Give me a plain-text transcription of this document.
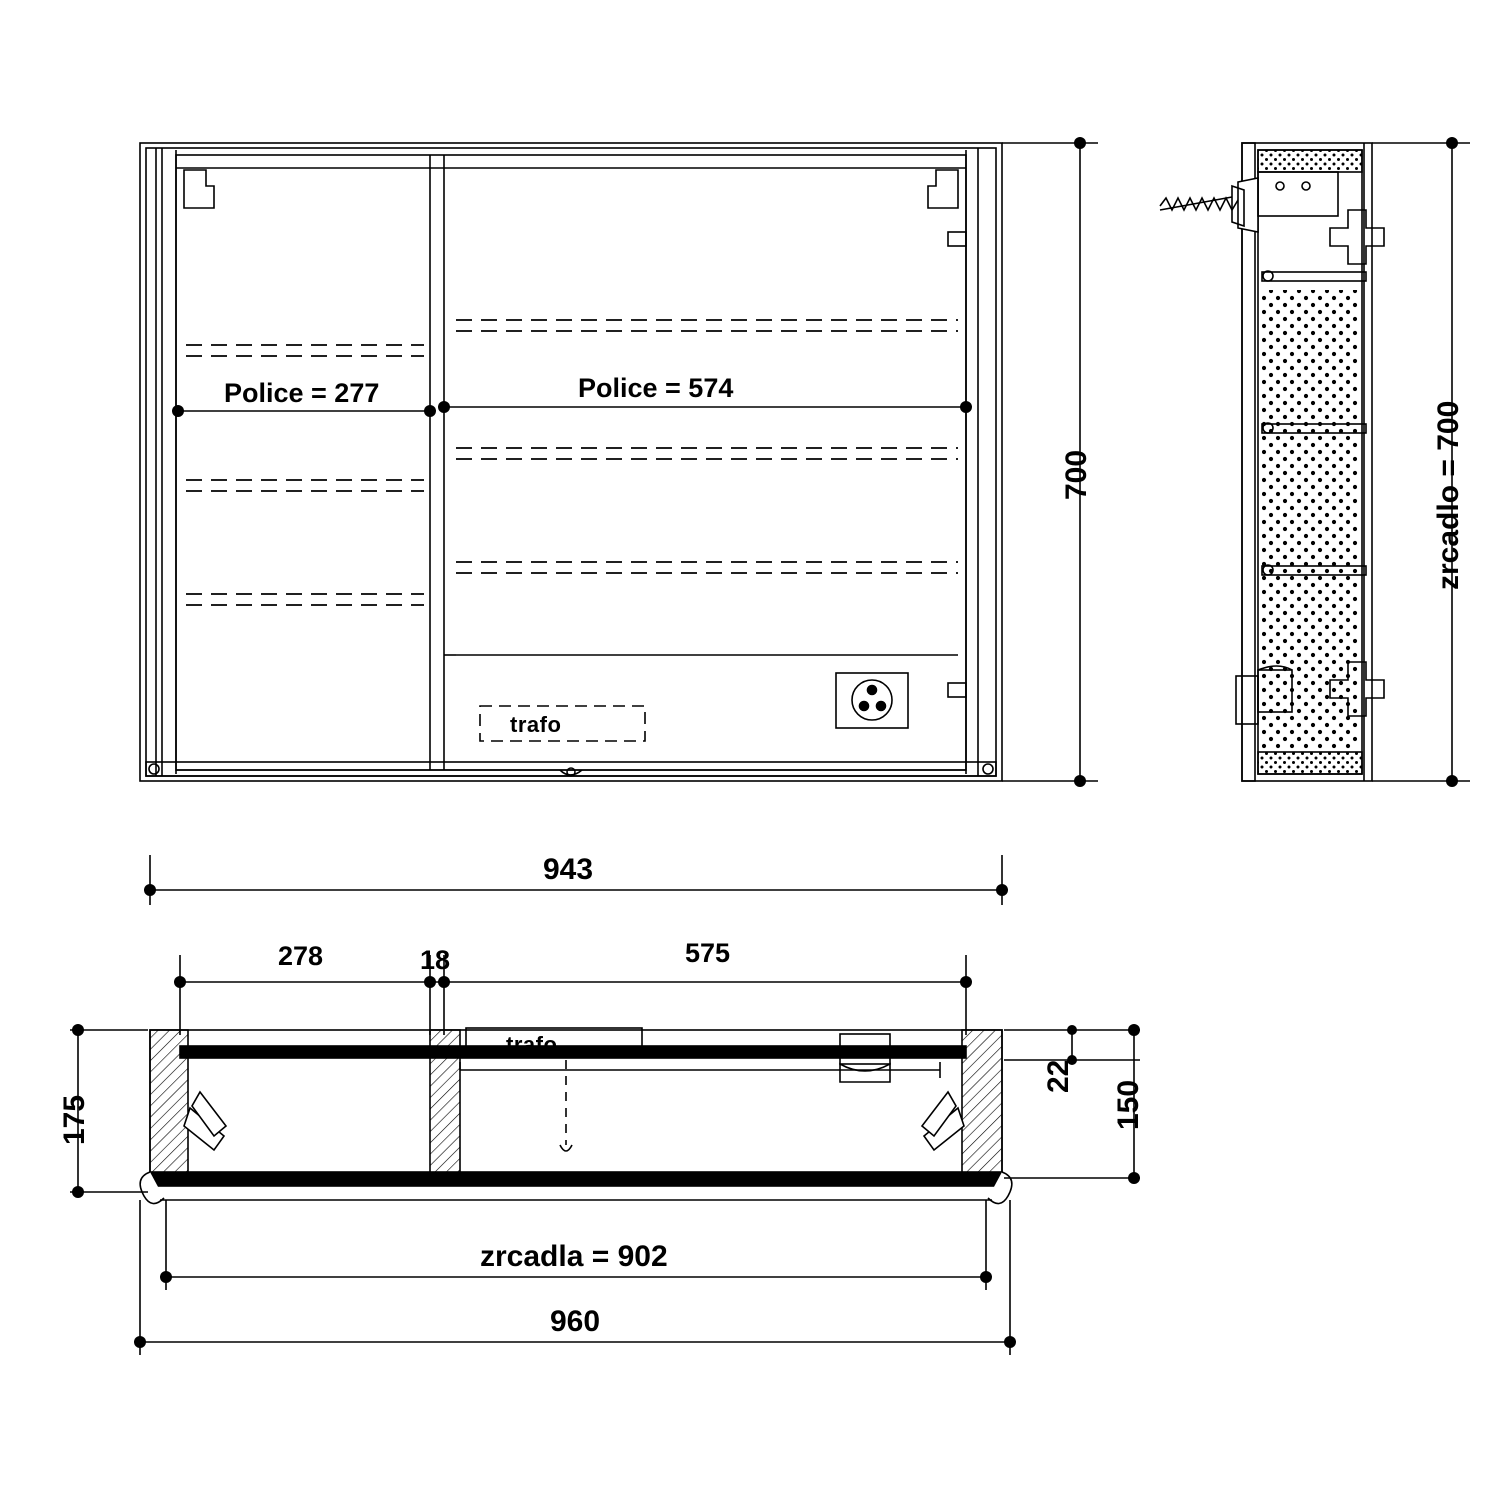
Police = 277	Police = 574
trafo
700	zrcadlo = 700
943
278	18	575
trafo
175
22
150
zrcadla = 902
960
